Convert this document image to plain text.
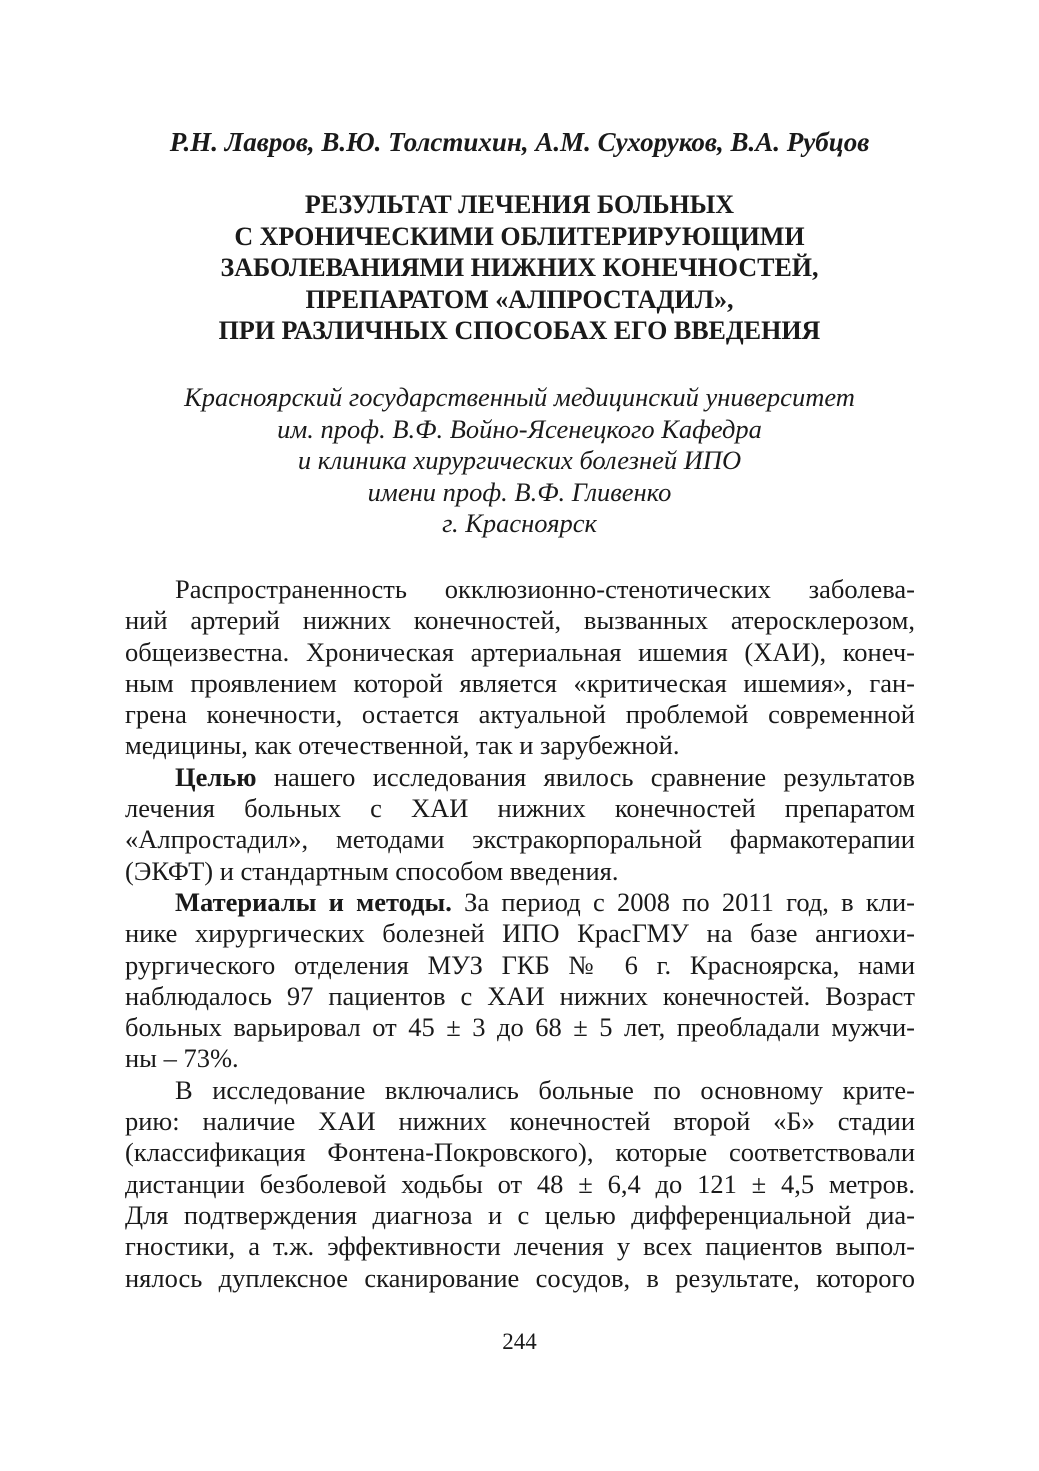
Р.Н. Лавров, В.Ю. Толстихин, А.М. Сухоруков, В.А. Рубцов

РЕЗУЛЬТАТ ЛЕЧЕНИЯ БОЛЬНЫХ
С ХРОНИЧЕСКИМИ ОБЛИТЕРИРУЮЩИМИ
ЗАБОЛЕВАНИЯМИ НИЖНИХ КОНЕЧНОСТЕЙ,
ПРЕПАРАТОМ «АЛПРОСТАДИЛ»,
ПРИ РАЗЛИЧНЫХ СПОСОБАХ ЕГО ВВЕДЕНИЯ
Красноярский государственный медицинский университет
им. проф. В.Ф. Войно-Ясенецкого Кафедра
и клиника хирургических болезней ИПО
имени проф. В.Ф. Гливенко
г. Красноярск
Распространенность окклюзионно-стенотических заболева-
ний артерий нижних конечностей, вызванных атеросклерозом,
общеизвестна. Хроническая артериальная ишемия (ХАИ), конеч-
ным проявлением которой является «критическая ишемия», ган-
грена конечности, остается актуальной проблемой современной
медицины, как отечественной, так и зарубежной.
Целью нашего исследования явилось сравнение результатов
лечения больных с ХАИ нижних конечностей препаратом
«Алпростадил», методами экстракорпоральной фармакотерапии
(ЭКФТ) и стандартным способом введения.
Материалы и методы. За период с 2008 по 2011 год, в кли-
нике хирургических болезней ИПО КрасГМУ на базе ангиохи-
рургического отделения МУЗ ГКБ № 6 г. Красноярска, нами
наблюдалось 97 пациентов с ХАИ нижних конечностей. Возраст
больных варьировал от 45 ± 3 до 68 ± 5 лет, преобладали мужчи-
ны – 73%.
В исследование включались больные по основному крите-
рию: наличие ХАИ нижних конечностей второй «Б» стадии
(классификация Фонтена-Покровского), которые соответствовали
дистанции безболевой ходьбы от 48 ± 6,4 до 121 ± 4,5 метров.
Для подтверждения диагноза и с целью дифференциальной диа-
гностики, а т.ж. эффективности лечения у всех пациентов выпол-
нялось дуплексное сканирование сосудов, в результате, которого
244
